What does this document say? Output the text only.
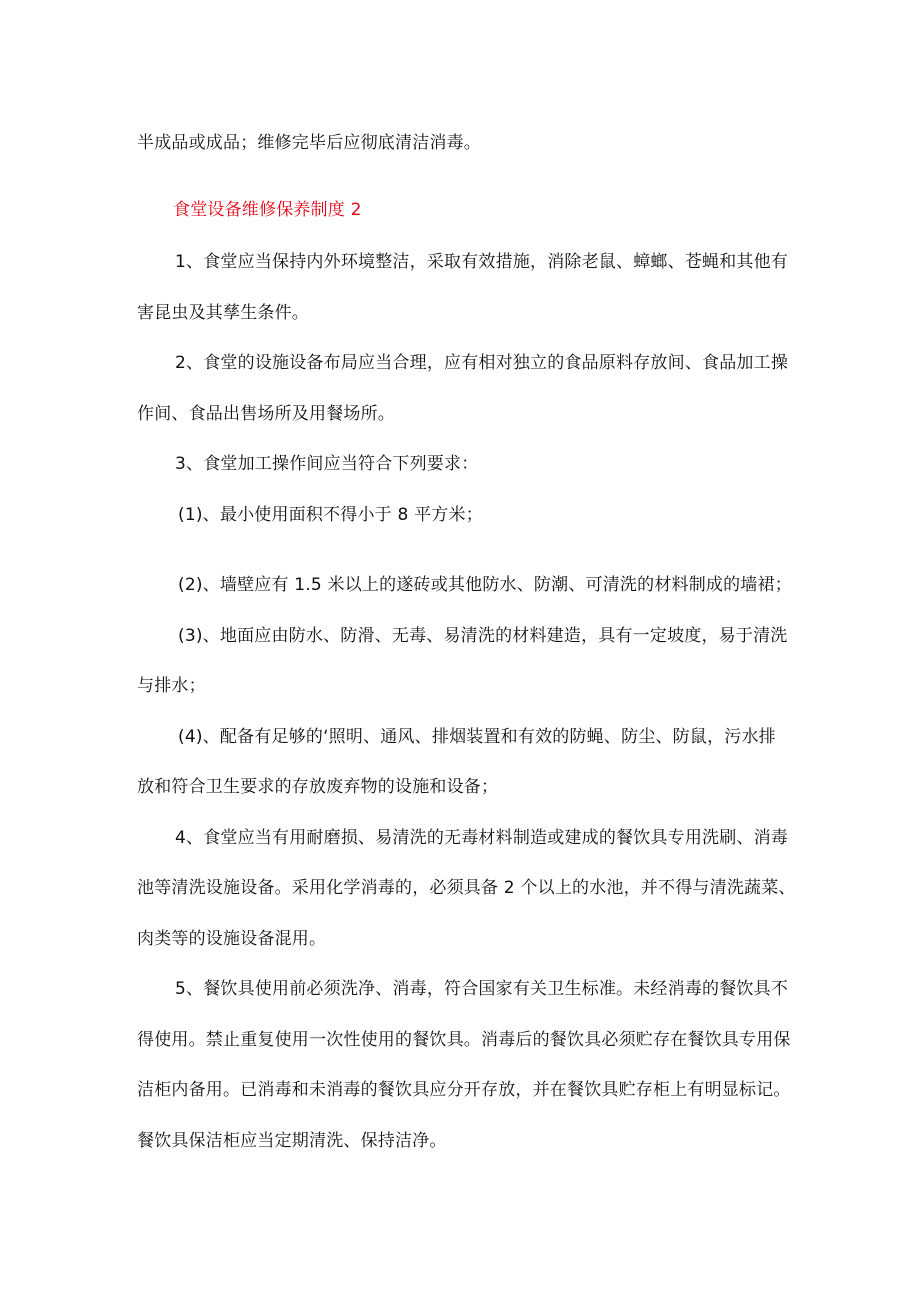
半成品或成品；维修完毕后应彻底清洁消毒。
食堂设备维修保养制度 2
1、食堂应当保持内外环境整洁，采取有效措施，消除老鼠、蟑螂、苍蝇和其他有
害昆虫及其孳生条件。
2、食堂的设施设备布局应当合理，应有相对独立的食品原料存放间、食品加工操
作间、食品出售场所及用餐场所。
3、食堂加工操作间应当符合下列要求：
(1)、最小使用面积不得小于 8 平方米；
(2)、墙壁应有 1.5 米以上的遂砖或其他防水、防潮、可清洗的材料制成的墙裙；
(3)、地面应由防水、防滑、无毒、易清洗的材料建造，具有一定坡度，易于清洗
与排水；
(4)、配备有足够的‘照明、通风、排烟装置和有效的防蝇、防尘、防鼠，污水排
放和符合卫生要求的存放废弃物的设施和设备；
4、食堂应当有用耐磨损、易清洗的无毒材料制造或建成的餐饮具专用洗刷、消毒
池等清洗设施设备。采用化学消毒的，必须具备 2 个以上的水池，并不得与清洗蔬菜、
肉类等的设施设备混用。
5、餐饮具使用前必须洗净、消毒，符合国家有关卫生标准。未经消毒的餐饮具不
得使用。禁止重复使用一次性使用的餐饮具。消毒后的餐饮具必须贮存在餐饮具专用保
洁柜内备用。已消毒和未消毒的餐饮具应分开存放，并在餐饮具贮存柜上有明显标记。
餐饮具保洁柜应当定期清洗、保持洁净。
